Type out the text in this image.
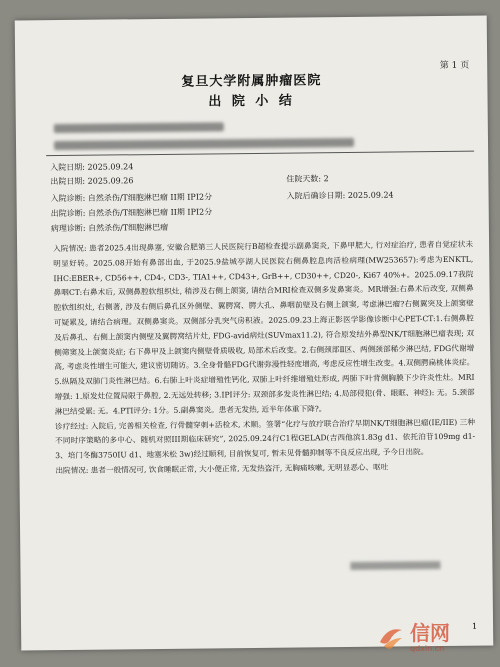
第 1 页
复旦大学附属肿瘤医院
出 院 小 结
入院日期: 2025.09.24
出院日期: 2025.09.26	住院天数: 2
入院诊断: 自然杀伤/T细胞淋巴瘤 II期 IPI2分	入院后确诊日期: 2025.09.24
出院诊断: 自然杀伤/T细胞淋巴瘤 II期 IPI2分
病理诊断: 自然杀伤/T细胞淋巴瘤

入院情况: 患者2025.4出现鼻塞, 安徽合肥第三人民医院行B超检查提示副鼻窦炎, 下鼻甲肥大, 行对症治疗, 患者自觉症状未明显好转。2025.08开始有鼻部出血, 于2025.9盐城亭湖人民医院右侧鼻腔息肉活检病理(MW253657):考虑为ENKTL, IHC:EBER+, CD56++, CD4-, CD3-, TIA1++, CD43+, GrB++, CD30++, CD20-, Ki67 40%+。2025.09.17我院鼻咽CT:右鼻术后, 双侧鼻腔软组织灶, 稍涉及右侧上颌窦, 请结合MRI检查双侧多发鼻窦炎。MR增强:右鼻术后改变, 双侧鼻腔软组织灶, 右侧著, 涉及右侧后鼻孔区外侧壁、翼腭窝、腭大孔、鼻咽前壁及右侧上颌窦, 考虑淋巴瘤?右侧翼突及上颌窦壁可疑累及, 请结合病理。双侧鼻窦炎。双侧部分乳突气房积液。2025.09.23上海正影医学影像诊断中心PET-CT:1.右侧鼻腔及后鼻孔、右侧上颌窦内侧壁及翼腭窝结片灶, FDG-avid病灶(SUVmax11.2), 符合原发结外鼻型NK/T细胞淋巴瘤表现; 双侧筛窦及上颌窦炎症; 右下鼻甲及上颌窦内侧壁骨质吸收, 局部术后改变。2.右侧颈部Ⅱ区、两侧颈部稀少淋巴结, FDG代谢增高, 考虑炎性增生可能大, 建议密切随访。3.全身骨骼FDG代谢弥漫性轻度增高, 考虑反应性增生改变。4.双侧腭扁桃体炎症。5.纵隔及双肺门炎性淋巴结。6.右肺上叶炎症增殖性钙化, 双肺上叶纤维增殖灶形成, 两肺下叶背侧胸膜下少许炎性灶。MRI增强: 1.原发灶位置局限于鼻腔, 2.无远处转移; 3.IPI评分: 双颈部多发炎性淋巴结; 4.局部侵犯(骨、眼眶、神经): 无。5.颈部淋巴结受累: 无。4.PTI评分: 1分。5.副鼻窦炎。患者无发热, 近半年体重下降?。

诊疗经过: 入院后, 完善相关检查, 行骨髓穿刺+活检术, 术顺。签署“化疗与放疗联合治疗早期NK/T细胞淋巴瘤(IE/IIE) 三种不同时序策略的多中心、随机对照III期临床研究”, 2025.09.24行C1程GELAD(吉西他滨1.83g d1、依托泊苷109mg d1-3、培门冬酶3750IU d1、地塞米松 3w)经过顺利, 目前恢复可, 暂未见骨髓抑制等不良反应出现, 予今日出院。

出院情况: 患者一般情况可, 饮食睡眠正常, 大小便正常, 无发热盗汗, 无胸痛咳嗽, 无明显恶心、呕吐

1
信网
qdxin.cn
